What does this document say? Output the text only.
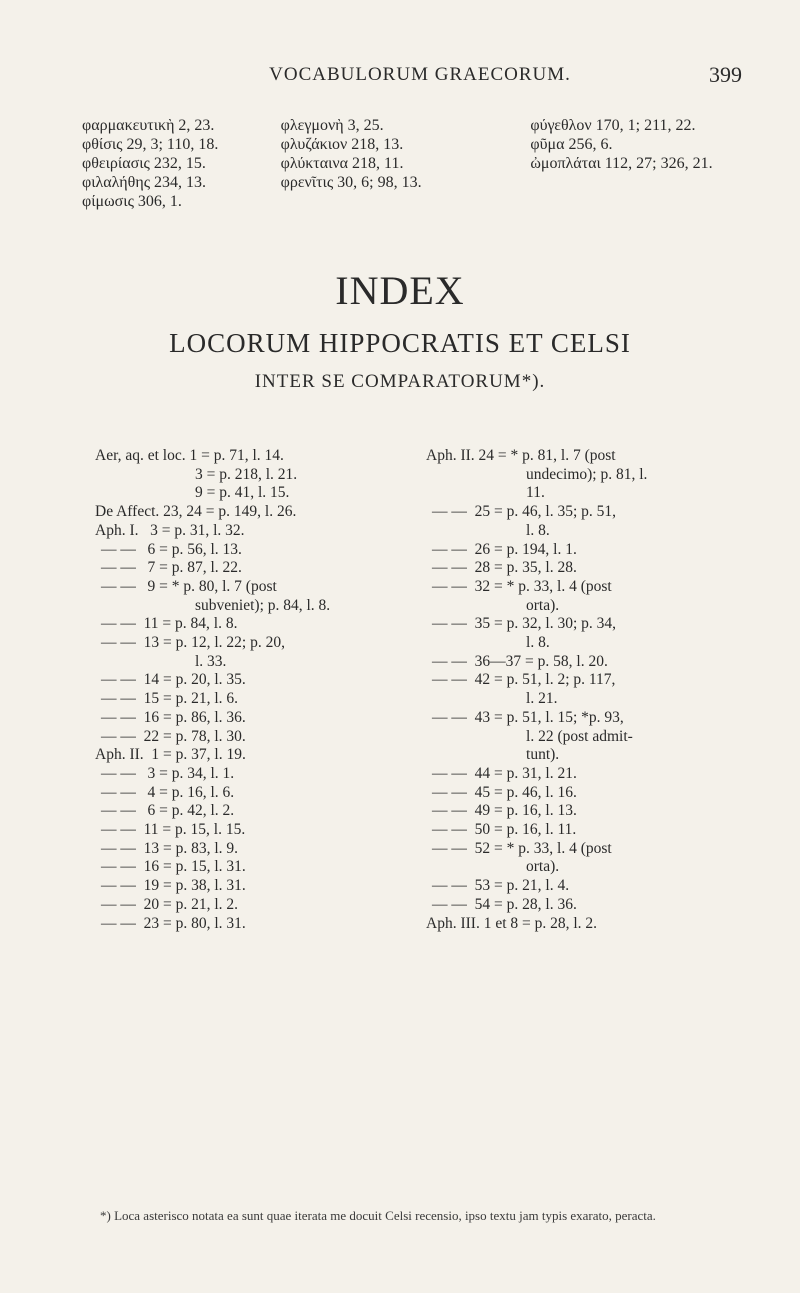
VOCABULORUM GRAECORUM.	399

φαρμακευτικὴ 2, 23.

φθίσις 29, 3; 110, 18.

φθειρίασις 232, 15.

φιλαλήθης 234, 13.

φίμωσις 306, 1.

φλεγμονὴ 3, 25.

φλυζάκιον 218, 13.

φλύκταινα 218, 11.

φρενῖτις 30, 6; 98, 13.

φύγεθλον 170, 1; 211, 22.

φῦμα 256, 6.

ὠμοπλάται 112, 27; 326, 21.

INDEX
LOCORUM HIPPOCRATIS ET CELSI
INTER SE COMPARATORUM*).

Aer, aq. et loc. 1 = p. 71, l. 14.

3 = p. 218, l. 21.

9 = p. 41, l. 15.

De Affect. 23, 24 = p. 149, l. 26.

Aph. I.   3 = p. 31, l. 32.

— —   6 = p. 56, l. 13.

— —   7 = p. 87, l. 22.

— —   9 = * p. 80, l. 7 (post

subveniet); p. 84, l. 8.

— —  11 = p. 84, l. 8.

— —  13 = p. 12, l. 22; p. 20,

l. 33.

— —  14 = p. 20, l. 35.

— —  15 = p. 21, l. 6.

— —  16 = p. 86, l. 36.

— —  22 = p. 78, l. 30.

Aph. II.  1 = p. 37, l. 19.

— —   3 = p. 34, l. 1.

— —   4 = p. 16, l. 6.

— —   6 = p. 42, l. 2.

— —  11 = p. 15, l. 15.

— —  13 = p. 83, l. 9.

— —  16 = p. 15, l. 31.

— —  19 = p. 38, l. 31.

— —  20 = p. 21, l. 2.

— —  23 = p. 80, l. 31.

Aph. II. 24 = * p. 81, l. 7 (post

undecimo); p. 81, l.

11.

— —  25 = p. 46, l. 35; p. 51,

l. 8.

— —  26 = p. 194, l. 1.

— —  28 = p. 35, l. 28.

— —  32 = * p. 33, l. 4 (post

orta).

— —  35 = p. 32, l. 30; p. 34,

l. 8.

— —  36—37 = p. 58, l. 20.

— —  42 = p. 51, l. 2; p. 117,

l. 21.

— —  43 = p. 51, l. 15; *p. 93,

l. 22 (post admit-

tunt).

— —  44 = p. 31, l. 21.

— —  45 = p. 46, l. 16.

— —  49 = p. 16, l. 13.

— —  50 = p. 16, l. 11.

— —  52 = * p. 33, l. 4 (post

orta).

— —  53 = p. 21, l. 4.

— —  54 = p. 28, l. 36.

Aph. III. 1 et 8 = p. 28, l. 2.

*) Loca asterisco notata ea sunt quae iterata me docuit Celsi recensio, ipso textu jam typis exarato, peracta.
